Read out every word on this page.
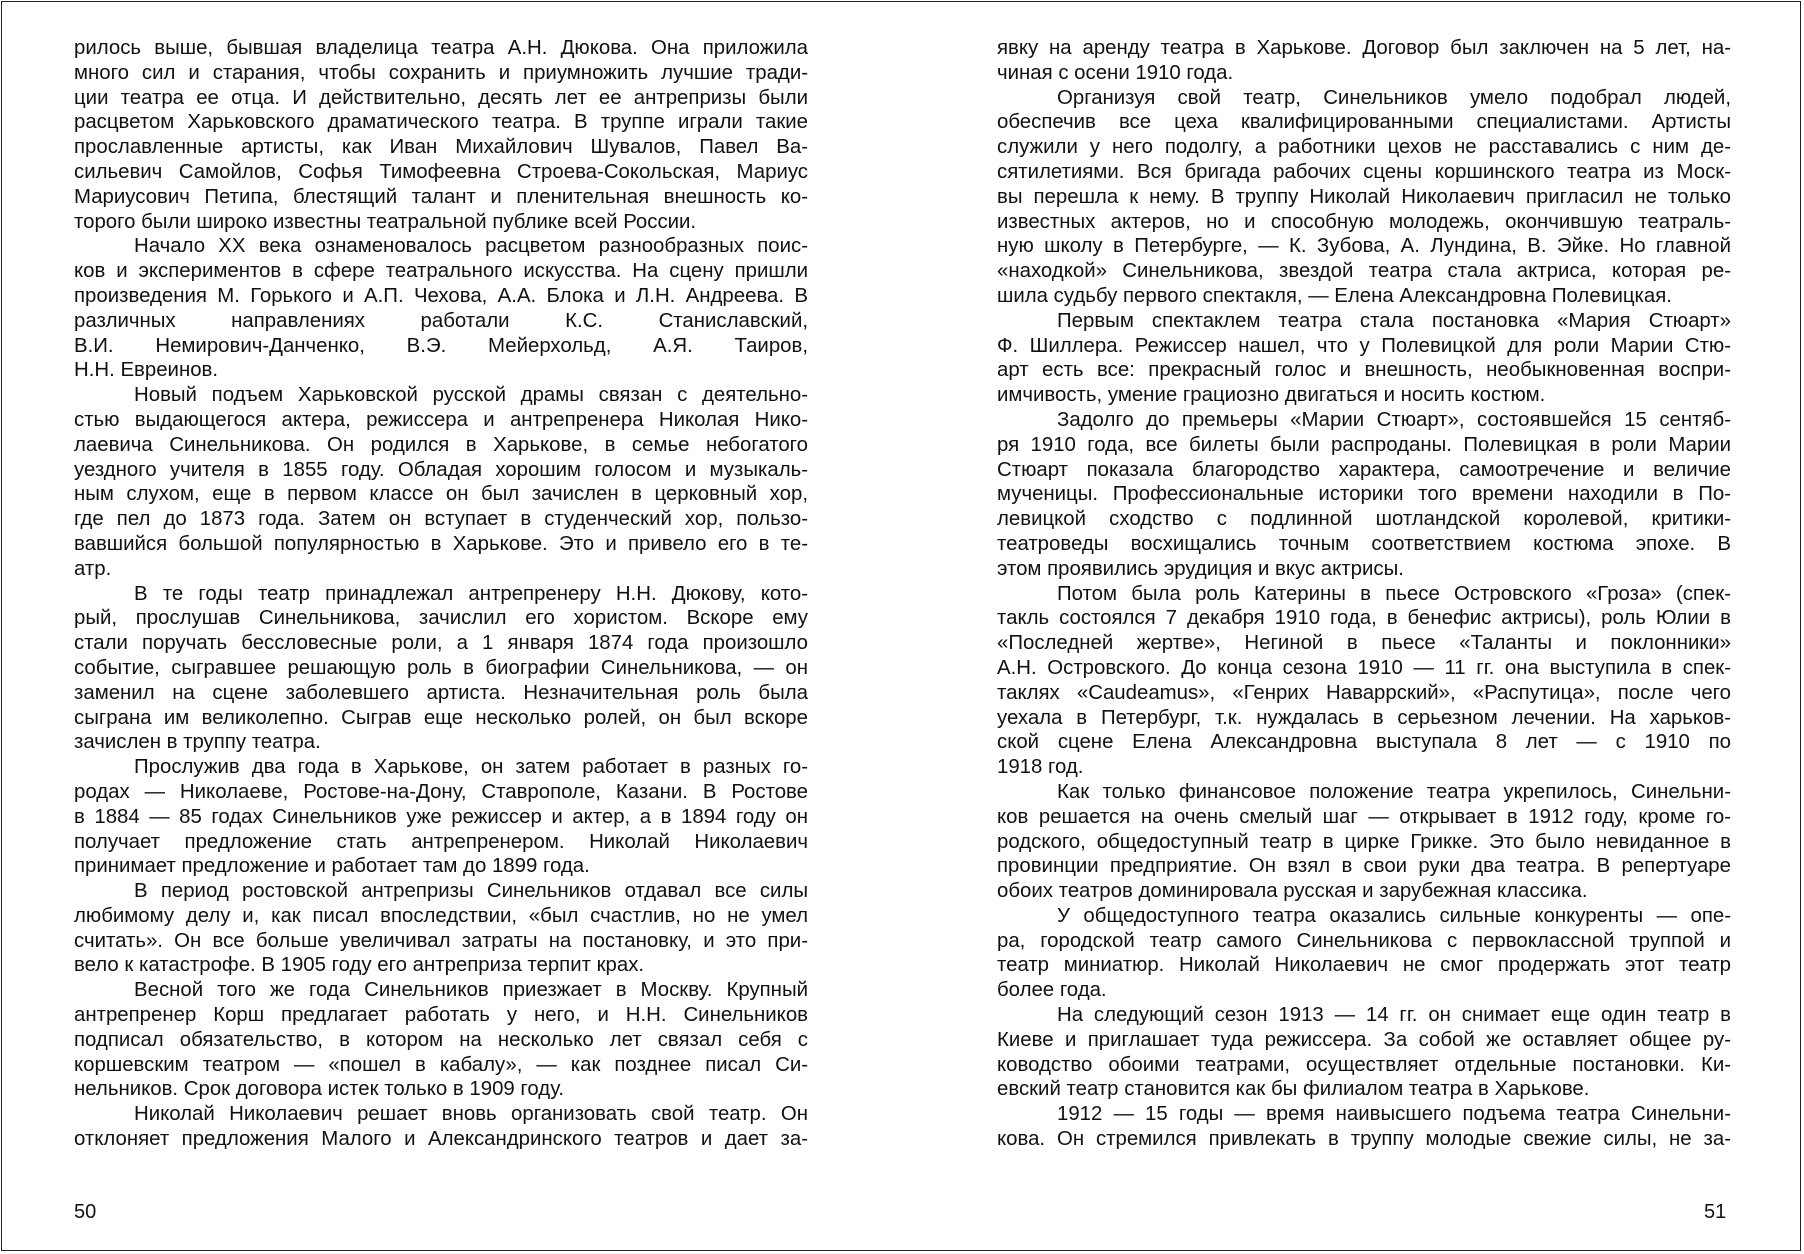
рилось выше, бывшая владелица театра А.Н. Дюкова. Она приложила
много сил и старания, чтобы сохранить и приумножить лучшие тради-
ции театра ее отца. И действительно, десять лет ее антрепризы были
расцветом Харьковского драматического театра. В труппе играли такие
прославленные артисты, как Иван Михайлович Шувалов, Павел Ва-
сильевич Самойлов, Софья Тимофеевна Строева-Сокольская, Мариус
Мариусович Петипа, блестящий талант и пленительная внешность ко-
торого были широко известны театральной публике всей России.
Начало XX века ознаменовалось расцветом разнообразных поис-
ков и экспериментов в сфере театрального искусства. На сцену пришли
произведения М. Горького и А.П. Чехова, А.А. Блока и Л.Н. Андреева. В
различных направлениях работали К.С. Станиславский,
В.И. Немирович-Данченко, В.Э. Мейерхольд, А.Я. Таиров,
Н.Н. Евреинов.
Новый подъем Харьковской русской драмы связан с деятельно-
стью выдающегося актера, режиссера и антрепренера Николая Нико-
лаевича Синельникова. Он родился в Харькове, в семье небогатого
уездного учителя в 1855 году. Обладая хорошим голосом и музыкаль-
ным слухом, еще в первом классе он был зачислен в церковный хор,
где пел до 1873 года. Затем он вступает в студенческий хор, пользо-
вавшийся большой популярностью в Харькове. Это и привело его в те-
атр.
В те годы театр принадлежал антрепренеру Н.Н. Дюкову, кото-
рый, прослушав Синельникова, зачислил его хористом. Вскоре ему
стали поручать бессловесные роли, а 1 января 1874 года произошло
событие, сыгравшее решающую роль в биографии Синельникова, — он
заменил на сцене заболевшего артиста. Незначительная роль была
сыграна им великолепно. Сыграв еще несколько ролей, он был вскоре
зачислен в труппу театра.
Прослужив два года в Харькове, он затем работает в разных го-
родах — Николаеве, Ростове-на-Дону, Ставрополе, Казани. В Ростове
в 1884 — 85 годах Синельников уже режиссер и актер, а в 1894 году он
получает предложение стать антрепренером. Николай Николаевич
принимает предложение и работает там до 1899 года.
В период ростовской антрепризы Синельников отдавал все силы
любимому делу и, как писал впоследствии, «был счастлив, но не умел
считать». Он все больше увеличивал затраты на постановку, и это при-
вело к катастрофе. В 1905 году его антреприза терпит крах.
Весной того же года Синельников приезжает в Москву. Крупный
антрепренер Корш предлагает работать у него, и Н.Н. Синельников
подписал обязательство, в котором на несколько лет связал себя с
коршевским театром — «пошел в кабалу», — как позднее писал Си-
нельников. Срок договора истек только в 1909 году.
Николай Николаевич решает вновь организовать свой театр. Он
отклоняет предложения Малого и Александринского театров и дает за-
явку на аренду театра в Харькове. Договор был заключен на 5 лет, на-
чиная с осени 1910 года.
Организуя свой театр, Синельников умело подобрал людей,
обеспечив все цеха квалифицированными специалистами. Артисты
служили у него подолгу, а работники цехов не расставались с ним де-
сятилетиями. Вся бригада рабочих сцены коршинского театра из Моск-
вы перешла к нему. В труппу Николай Николаевич пригласил не только
известных актеров, но и способную молодежь, окончившую театраль-
ную школу в Петербурге, — К. Зубова, А. Лундина, В. Эйке. Но главной
«находкой» Синельникова, звездой театра стала актриса, которая ре-
шила судьбу первого спектакля, — Елена Александровна Полевицкая.
Первым спектаклем театра стала постановка «Мария Стюарт»
Ф. Шиллера. Режиссер нашел, что у Полевицкой для роли Марии Стю-
арт есть все: прекрасный голос и внешность, необыкновенная воспри-
имчивость, умение грациозно двигаться и носить костюм.
Задолго до премьеры «Марии Стюарт», состоявшейся 15 сентяб-
ря 1910 года, все билеты были распроданы. Полевицкая в роли Марии
Стюарт показала благородство характера, самоотречение и величие
мученицы. Профессиональные историки того времени находили в По-
левицкой сходство с подлинной шотландской королевой, критики-
театроведы восхищались точным соответствием костюма эпохе. В
этом проявились эрудиция и вкус актрисы.
Потом была роль Катерины в пьесе Островского «Гроза» (спек-
такль состоялся 7 декабря 1910 года, в бенефис актрисы), роль Юлии в
«Последней жертве», Негиной в пьесе «Таланты и поклонники»
А.Н. Островского. До конца сезона 1910 — 11 гг. она выступила в спек-
таклях «Caudeamus», «Генрих Наваррский», «Распутица», после чего
уехала в Петербург, т.к. нуждалась в серьезном лечении. На харьков-
ской сцене Елена Александровна выступала 8 лет — с 1910 по
1918 год.
Как только финансовое положение театра укрепилось, Синельни-
ков решается на очень смелый шаг — открывает в 1912 году, кроме го-
родского, общедоступный театр в цирке Грикке. Это было невиданное в
провинции предприятие. Он взял в свои руки два театра. В репертуаре
обоих театров доминировала русская и зарубежная классика.
У общедоступного театра оказались сильные конкуренты — опе-
ра, городской театр самого Синельникова с первоклассной труппой и
театр миниатюр. Николай Николаевич не смог продержать этот театр
более года.
На следующий сезон 1913 — 14 гг. он снимает еще один театр в
Киеве и приглашает туда режиссера. За собой же оставляет общее ру-
ководство обоими театрами, осуществляет отдельные постановки. Ки-
евский театр становится как бы филиалом театра в Харькове.
1912 — 15 годы — время наивысшего подъема театра Синельни-
кова. Он стремился привлекать в труппу молодые свежие силы, не за-
50	51
